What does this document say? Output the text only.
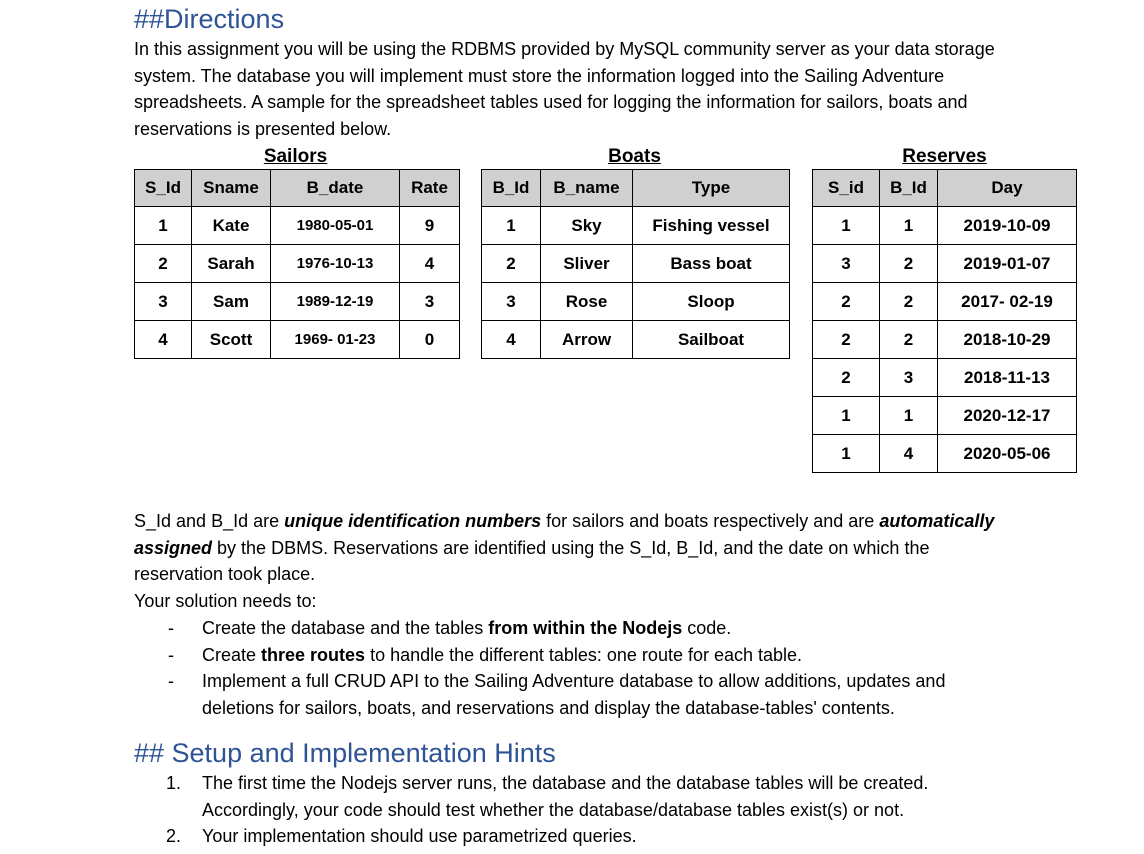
##Directions

In this assignment you will be using the RDBMS provided by MySQL community server as your data storage system. The database you will implement must store the information logged into the Sailing Adventure spreadsheets. A sample for the spreadsheet tables used for logging the information for sailors, boats and reservations is presented below.

Sailors
S_Id	Sname	B_date	Rate
1	Kate	1980-05-01	9
2	Sarah	1976-10-13	4
3	Sam	1989-12-19	3
4	Scott	1969- 01-23	0
Boats
B_Id	B_name	Type
1	Sky	Fishing vessel
2	Sliver	Bass boat
3	Rose	Sloop
4	Arrow	Sailboat
Reserves
S_id	B_Id	Day
1	1	2019-10-09
3	2	2019-01-07
2	2	2017- 02-19
2	2	2018-10-29
2	3	2018-11-13
1	1	2020-12-17
1	4	2020-05-06
S_Id and B_Id are unique identification numbers for sailors and boats respectively and are automatically assigned by the DBMS. Reservations are identified using the S_Id, B_Id, and the date on which the reservation took place.
Your solution needs to:
- Create the database and the tables from within the Nodejs code.
- Create three routes to handle the different tables: one route for each table.
- Implement a full CRUD API to the Sailing Adventure database to allow additions, updates and deletions for sailors, boats, and reservations and display the database-tables' contents.
## Setup and Implementation Hints
1. The first time the Nodejs server runs, the database and the database tables will be created. Accordingly, your code should test whether the database/database tables exist(s) or not.
2. Your implementation should use parametrized queries.
